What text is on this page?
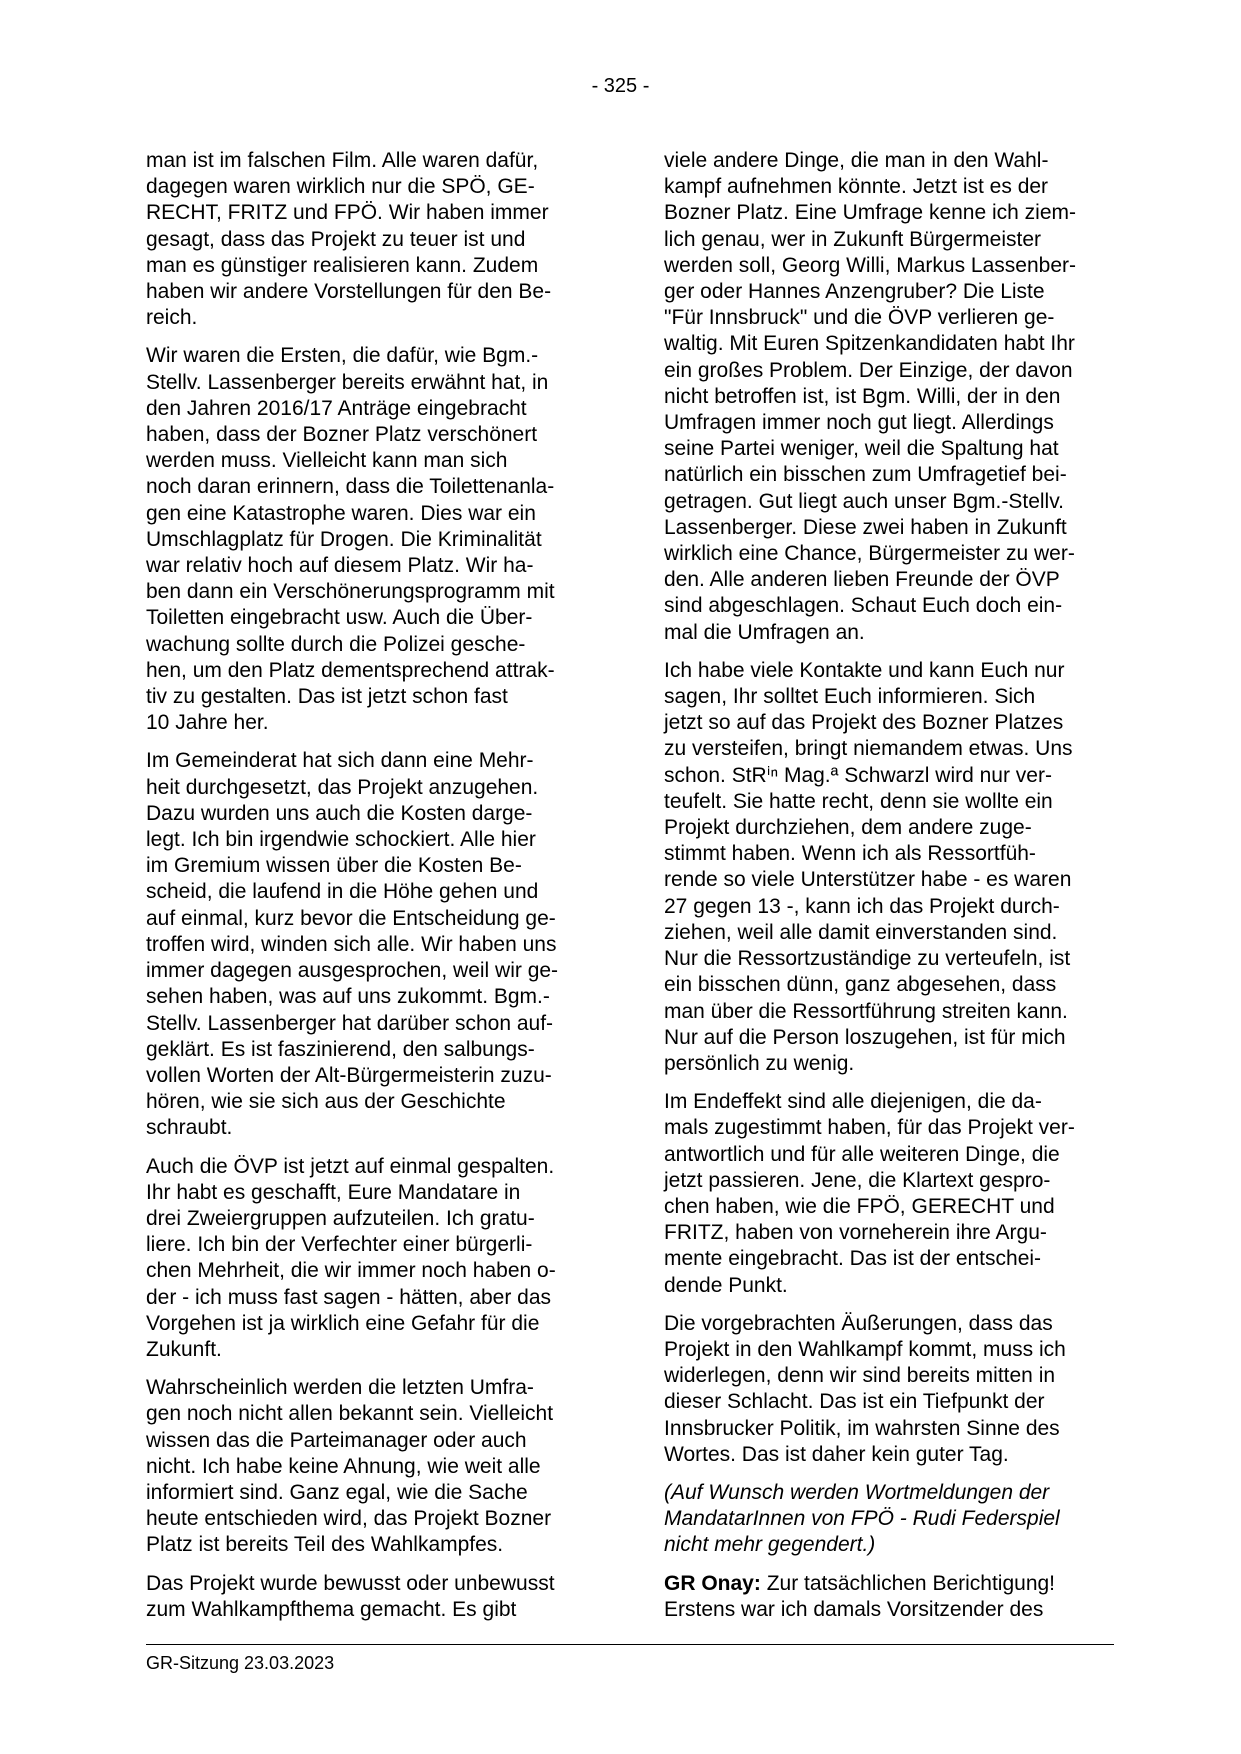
- 325 -

man ist im falschen Film. Alle waren dafür,
dagegen waren wirklich nur die SPÖ, GE-
RECHT, FRITZ und FPÖ. Wir haben immer
gesagt, dass das Projekt zu teuer ist und
man es günstiger realisieren kann. Zudem
haben wir andere Vorstellungen für den Be-
reich.

Wir waren die Ersten, die dafür, wie Bgm.-
Stellv. Lassenberger bereits erwähnt hat, in
den Jahren 2016/17 Anträge eingebracht
haben, dass der Bozner Platz verschönert
werden muss. Vielleicht kann man sich
noch daran erinnern, dass die Toilettenanla-
gen eine Katastrophe waren. Dies war ein
Umschlagplatz für Drogen. Die Kriminalität
war relativ hoch auf diesem Platz. Wir ha-
ben dann ein Verschönerungsprogramm mit
Toiletten eingebracht usw. Auch die Über-
wachung sollte durch die Polizei gesche-
hen, um den Platz dementsprechend attrak-
tiv zu gestalten. Das ist jetzt schon fast
10 Jahre her.

Im Gemeinderat hat sich dann eine Mehr-
heit durchgesetzt, das Projekt anzugehen.
Dazu wurden uns auch die Kosten darge-
legt. Ich bin irgendwie schockiert. Alle hier
im Gremium wissen über die Kosten Be-
scheid, die laufend in die Höhe gehen und
auf einmal, kurz bevor die Entscheidung ge-
troffen wird, winden sich alle. Wir haben uns
immer dagegen ausgesprochen, weil wir ge-
sehen haben, was auf uns zukommt. Bgm.-
Stellv. Lassenberger hat darüber schon auf-
geklärt. Es ist faszinierend, den salbungs-
vollen Worten der Alt-Bürgermeisterin zuzu-
hören, wie sie sich aus der Geschichte
schraubt.

Auch die ÖVP ist jetzt auf einmal gespalten.
Ihr habt es geschafft, Eure Mandatare in
drei Zweiergruppen aufzuteilen. Ich gratu-
liere. Ich bin der Verfechter einer bürgerli-
chen Mehrheit, die wir immer noch haben o-
der - ich muss fast sagen - hätten, aber das
Vorgehen ist ja wirklich eine Gefahr für die
Zukunft.

Wahrscheinlich werden die letzten Umfra-
gen noch nicht allen bekannt sein. Vielleicht
wissen das die Parteimanager oder auch
nicht. Ich habe keine Ahnung, wie weit alle
informiert sind. Ganz egal, wie die Sache
heute entschieden wird, das Projekt Bozner
Platz ist bereits Teil des Wahlkampfes.

Das Projekt wurde bewusst oder unbewusst
zum Wahlkampfthema gemacht. Es gibt

viele andere Dinge, die man in den Wahl-
kampf aufnehmen könnte. Jetzt ist es der
Bozner Platz. Eine Umfrage kenne ich ziem-
lich genau, wer in Zukunft Bürgermeister
werden soll, Georg Willi, Markus Lassenber-
ger oder Hannes Anzengruber? Die Liste
"Für Innsbruck" und die ÖVP verlieren ge-
waltig. Mit Euren Spitzenkandidaten habt Ihr
ein großes Problem. Der Einzige, der davon
nicht betroffen ist, ist Bgm. Willi, der in den
Umfragen immer noch gut liegt. Allerdings
seine Partei weniger, weil die Spaltung hat
natürlich ein bisschen zum Umfragetief bei-
getragen. Gut liegt auch unser Bgm.-Stellv.
Lassenberger. Diese zwei haben in Zukunft
wirklich eine Chance, Bürgermeister zu wer-
den. Alle anderen lieben Freunde der ÖVP
sind abgeschlagen. Schaut Euch doch ein-
mal die Umfragen an.

Ich habe viele Kontakte und kann Euch nur
sagen, Ihr solltet Euch informieren. Sich
jetzt so auf das Projekt des Bozner Platzes
zu versteifen, bringt niemandem etwas. Uns
schon. StRⁱⁿ Mag.ª Schwarzl wird nur ver-
teufelt. Sie hatte recht, denn sie wollte ein
Projekt durchziehen, dem andere zuge-
stimmt haben. Wenn ich als Ressortfüh-
rende so viele Unterstützer habe - es waren
27 gegen 13 -, kann ich das Projekt durch-
ziehen, weil alle damit einverstanden sind.
Nur die Ressortzuständige zu verteufeln, ist
ein bisschen dünn, ganz abgesehen, dass
man über die Ressortführung streiten kann.
Nur auf die Person loszugehen, ist für mich
persönlich zu wenig.

Im Endeffekt sind alle diejenigen, die da-
mals zugestimmt haben, für das Projekt ver-
antwortlich und für alle weiteren Dinge, die
jetzt passieren. Jene, die Klartext gespro-
chen haben, wie die FPÖ, GERECHT und
FRITZ, haben von vorneherein ihre Argu-
mente eingebracht. Das ist der entschei-
dende Punkt.

Die vorgebrachten Äußerungen, dass das
Projekt in den Wahlkampf kommt, muss ich
widerlegen, denn wir sind bereits mitten in
dieser Schlacht. Das ist ein Tiefpunkt der
Innsbrucker Politik, im wahrsten Sinne des
Wortes. Das ist daher kein guter Tag.

(Auf Wunsch werden Wortmeldungen der
MandatarInnen von FPÖ - Rudi Federspiel
nicht mehr gegendert.)

GR Onay: Zur tatsächlichen Berichtigung!
Erstens war ich damals Vorsitzender des

GR-Sitzung 23.03.2023
